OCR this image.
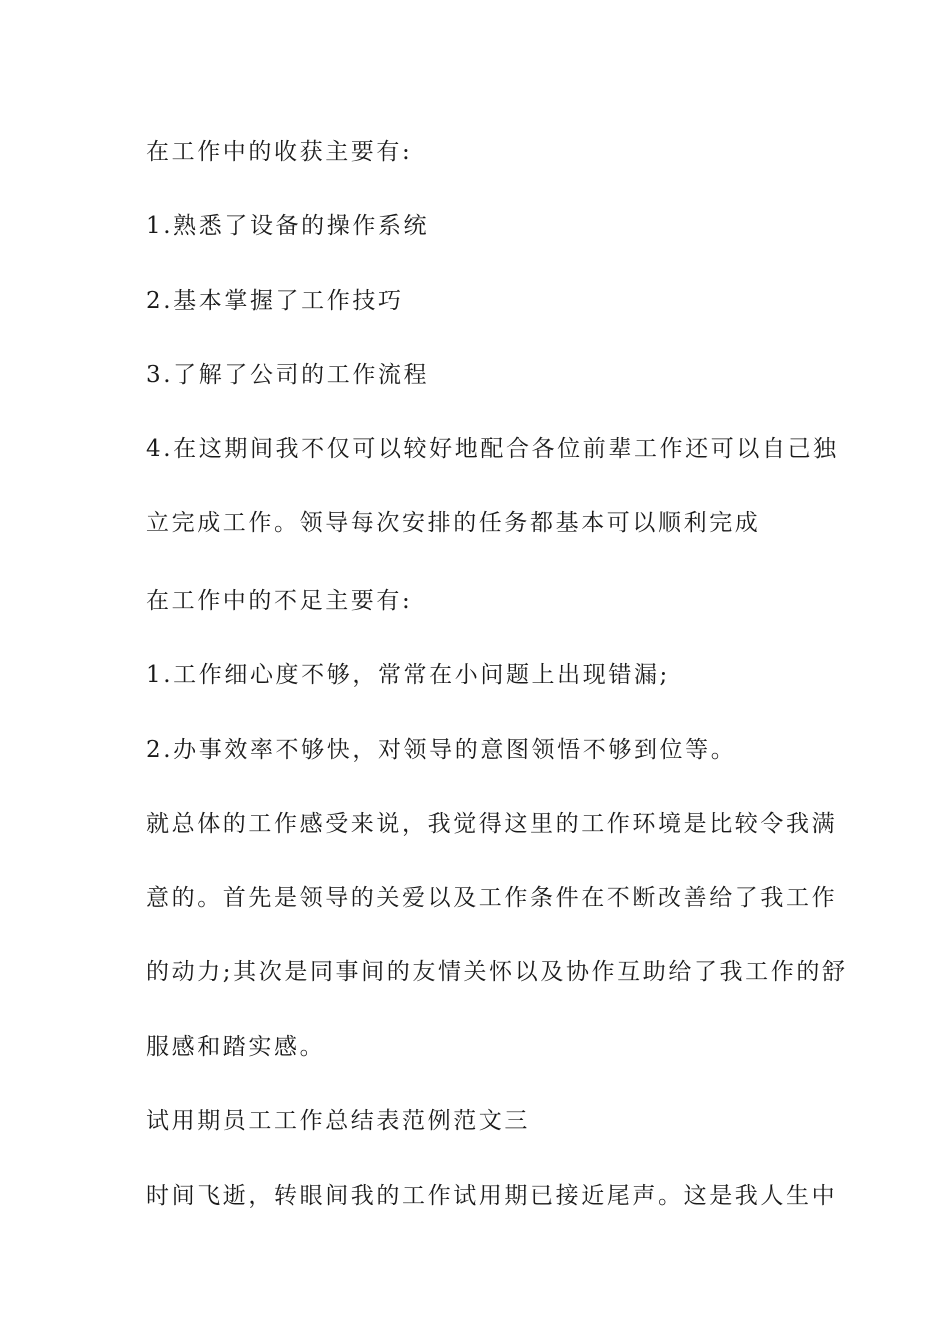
在工作中的收获主要有:

1.熟悉了设备的操作系统

2.基本掌握了工作技巧

3.了解了公司的工作流程

4.在这期间我不仅可以较好地配合各位前辈工作还可以自己独

立完成工作。领导每次安排的任务都基本可以顺利完成

在工作中的不足主要有:

1.工作细心度不够，常常在小问题上出现错漏;

2.办事效率不够快，对领导的意图领悟不够到位等。

就总体的工作感受来说，我觉得这里的工作环境是比较令我满

意的。首先是领导的关爱以及工作条件在不断改善给了我工作

的动力;其次是同事间的友情关怀以及协作互助给了我工作的舒

服感和踏实感。

试用期员工工作总结表范例范文三

时间飞逝，转眼间我的工作试用期已接近尾声。这是我人生中
